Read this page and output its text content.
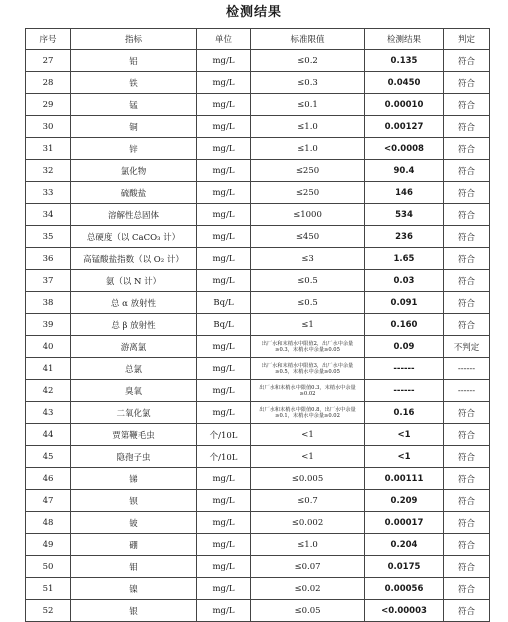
检测结果
序号	指标	单位	标准限值	检测结果	判定
27	铝	mg/L	≤0.2	0.135	符合
28	铁	mg/L	≤0.3	0.0450	符合
29	锰	mg/L	≤0.1	0.00010	符合
30	铜	mg/L	≤1.0	0.00127	符合
31	锌	mg/L	≤1.0	<0.0008	符合
32	氯化物	mg/L	≤250	90.4	符合
33	硫酸盐	mg/L	≤250	146	符合
34	溶解性总固体	mg/L	≤1000	534	符合
35	总硬度（以 CaCO₃ 计）	mg/L	≤450	236	符合
36	高锰酸盐指数（以 O₂ 计）	mg/L	≤3	1.65	符合
37	氨（以 N 计）	mg/L	≤0.5	0.03	符合
38	总 α 放射性	Bq/L	≤0.5	0.091	符合
39	总 β 放射性	Bq/L	≤1	0.160	符合
40	游离氯	mg/L	出厂水和末梢水中限值2，出厂水中余量≥0.3，末梢水中余量≥0.05	0.09	不判定
41	总氯	mg/L	出厂水和末梢水中限值3，出厂水中余量≥0.5，末梢水中余量≥0.05	------	------
42	臭氧	mg/L	出厂水和末梢水中限值0.3，末梢水中余量≥0.02	------	------
43	二氧化氯	mg/L	出厂水和末梢水中限值0.8，出厂水中余量≥0.1，末梢水中余量≥0.02	0.16	符合
44	贾第鞭毛虫	个/10L	<1	<1	符合
45	隐孢子虫	个/10L	<1	<1	符合
46	锑	mg/L	≤0.005	0.00111	符合
47	钡	mg/L	≤0.7	0.209	符合
48	铍	mg/L	≤0.002	0.00017	符合
49	硼	mg/L	≤1.0	0.204	符合
50	钼	mg/L	≤0.07	0.0175	符合
51	镍	mg/L	≤0.02	0.00056	符合
52	银	mg/L	≤0.05	<0.00003	符合
